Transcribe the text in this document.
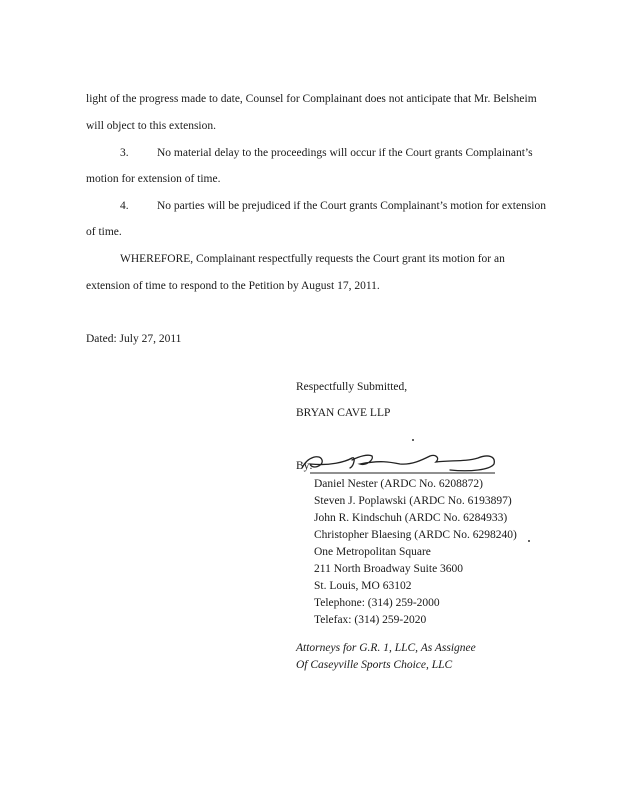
light of the progress made to date, Counsel for Complainant does not anticipate that Mr. Belsheim
will object to this extension.
3. No material delay to the proceedings will occur if the Court grants Complainant’s
motion for extension of time.
4. No parties will be prejudiced if the Court grants Complainant’s motion for extension
of time.
WHEREFORE, Complainant respectfully requests the Court grant its motion for an
extension of time to respond to the Petition by August 17, 2011.
Dated: July 27, 2011
Respectfully Submitted,
BRYAN CAVE LLP
By:
Daniel Nester (ARDC No. 6208872)
Steven J. Poplawski (ARDC No. 6193897)
John R. Kindschuh (ARDC No. 6284933)
Christopher Blaesing (ARDC No. 6298240)
One Metropolitan Square
211 North Broadway Suite 3600
St. Louis, MO 63102
Telephone: (314) 259-2000
Telefax: (314) 259-2020
Attorneys for G.R. 1, LLC, As Assignee
Of Caseyville Sports Choice, LLC
